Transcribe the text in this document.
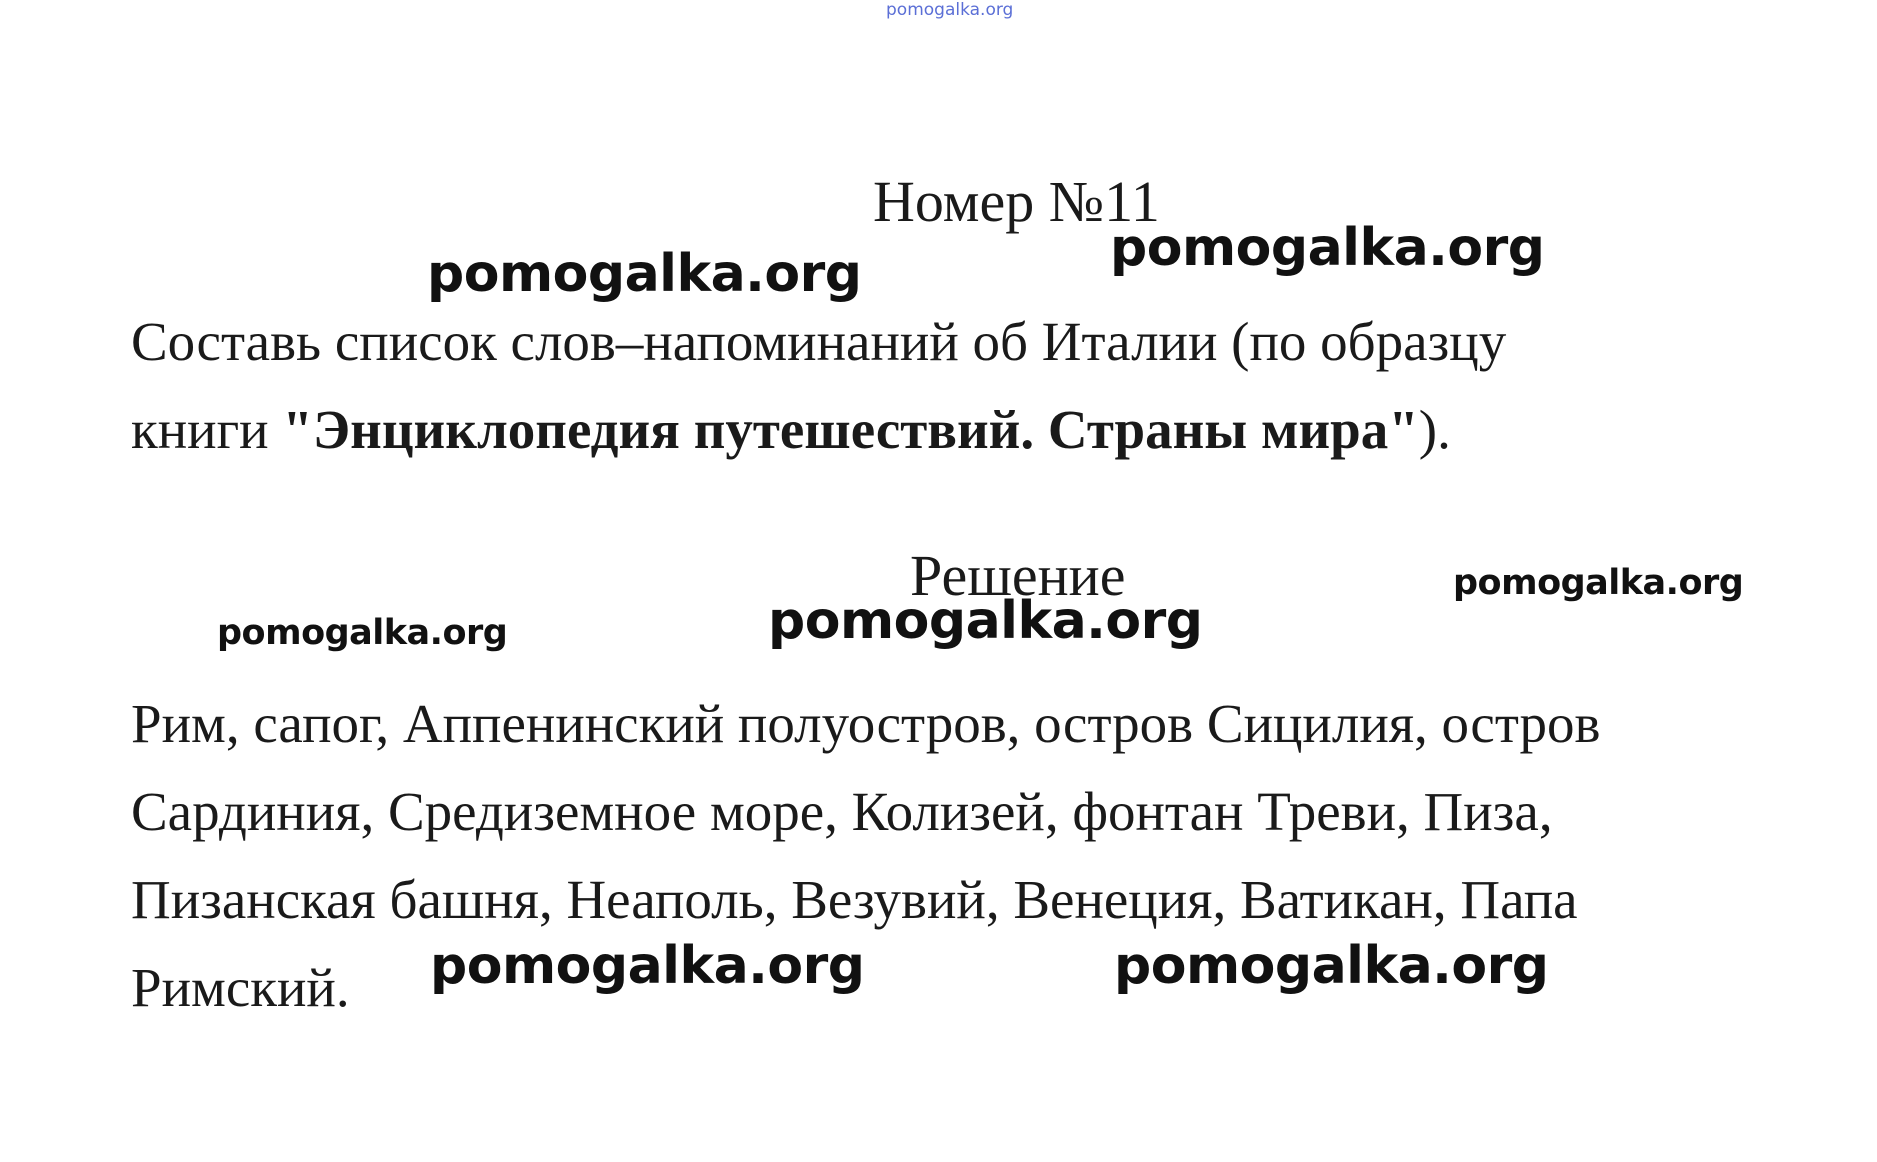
pomogalka.org
Номер №11
Составь список слов–напоминаний об Италии (по образцу
книги "Энциклопедия путешествий. Страны мира").
Решение
Рим, сапог, Аппенинский полуостров, остров Сицилия, остров
Сардиния, Средиземное море, Колизей, фонтан Треви, Пиза,
Пизанская башня, Неаполь, Везувий, Венеция, Ватикан, Папа
Римский.
pomogalka.org
pomogalka.org
pomogalka.org
pomogalka.org	pomogalka.org
pomogalka.org	pomogalka.org
